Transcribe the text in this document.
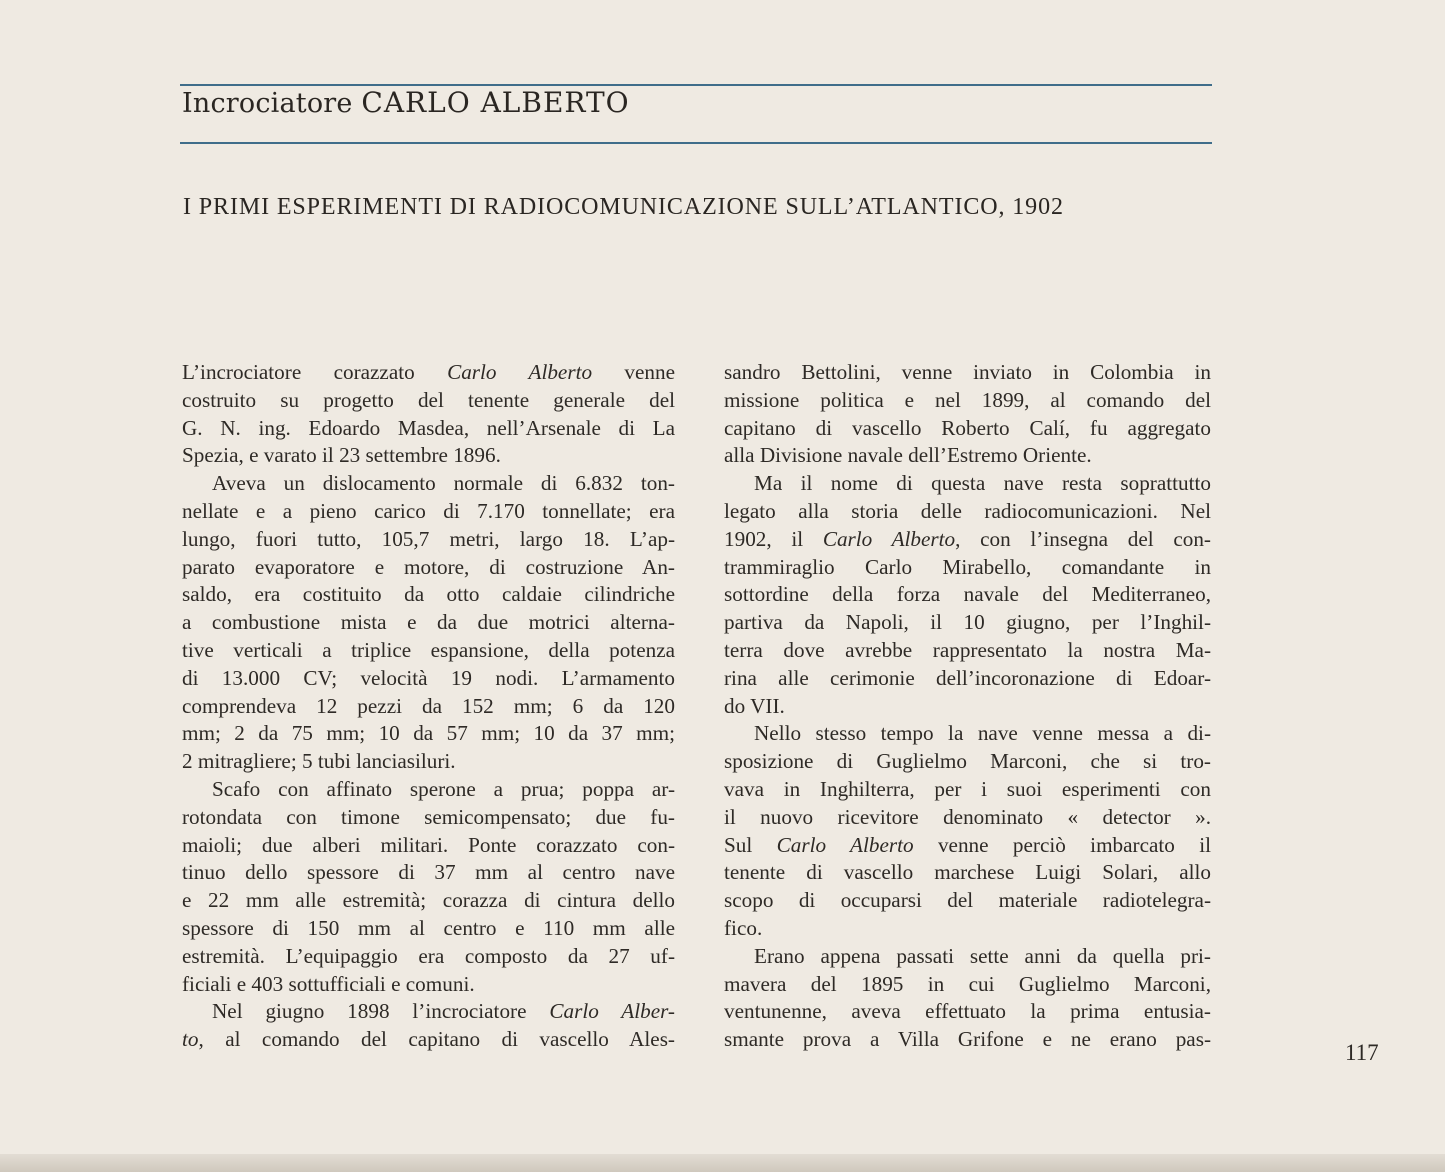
Incrociatore CARLO ALBERTO
I PRIMI ESPERIMENTI DI RADIOCOMUNICAZIONE SULL’ATLANTICO, 1902
L’incrociatore corazzato Carlo Alberto venne
costruito su progetto del tenente generale del
G. N. ing. Edoardo Masdea, nell’Arsenale di La
Spezia, e varato il 23 settembre 1896.
Aveva un dislocamento normale di 6.832 ton-
nellate e a pieno carico di 7.170 tonnellate; era
lungo, fuori tutto, 105,7 metri, largo 18. L’ap-
parato evaporatore e motore, di costruzione An-
saldo, era costituito da otto caldaie cilindriche
a combustione mista e da due motrici alterna-
tive verticali a triplice espansione, della potenza
di 13.000 CV; velocità 19 nodi. L’armamento
comprendeva 12 pezzi da 152 mm; 6 da 120
mm; 2 da 75 mm; 10 da 57 mm; 10 da 37 mm;
2 mitragliere; 5 tubi lanciasiluri.
Scafo con affinato sperone a prua; poppa ar-
rotondata con timone semicompensato; due fu-
maioli; due alberi militari. Ponte corazzato con-
tinuo dello spessore di 37 mm al centro nave
e 22 mm alle estremità; corazza di cintura dello
spessore di 150 mm al centro e 110 mm alle
estremità. L’equipaggio era composto da 27 uf-
ficiali e 403 sottufficiali e comuni.
Nel giugno 1898 l’incrociatore Carlo Alber-
to, al comando del capitano di vascello Ales-
sandro Bettolini, venne inviato in Colombia in
missione politica e nel 1899, al comando del
capitano di vascello Roberto Calí, fu aggregato
alla Divisione navale dell’Estremo Oriente.
Ma il nome di questa nave resta soprattutto
legato alla storia delle radiocomunicazioni. Nel
1902, il Carlo Alberto, con l’insegna del con-
trammiraglio Carlo Mirabello, comandante in
sottordine della forza navale del Mediterraneo,
partiva da Napoli, il 10 giugno, per l’Inghil-
terra dove avrebbe rappresentato la nostra Ma-
rina alle cerimonie dell’incoronazione di Edoar-
do VII.
Nello stesso tempo la nave venne messa a di-
sposizione di Guglielmo Marconi, che si tro-
vava in Inghilterra, per i suoi esperimenti con
il nuovo ricevitore denominato « detector ».
Sul Carlo Alberto venne perciò imbarcato il
tenente di vascello marchese Luigi Solari, allo
scopo di occuparsi del materiale radiotelegra-
fico.
Erano appena passati sette anni da quella pri-
mavera del 1895 in cui Guglielmo Marconi,
ventunenne, aveva effettuato la prima entusia-
smante prova a Villa Grifone e ne erano pas-
117
